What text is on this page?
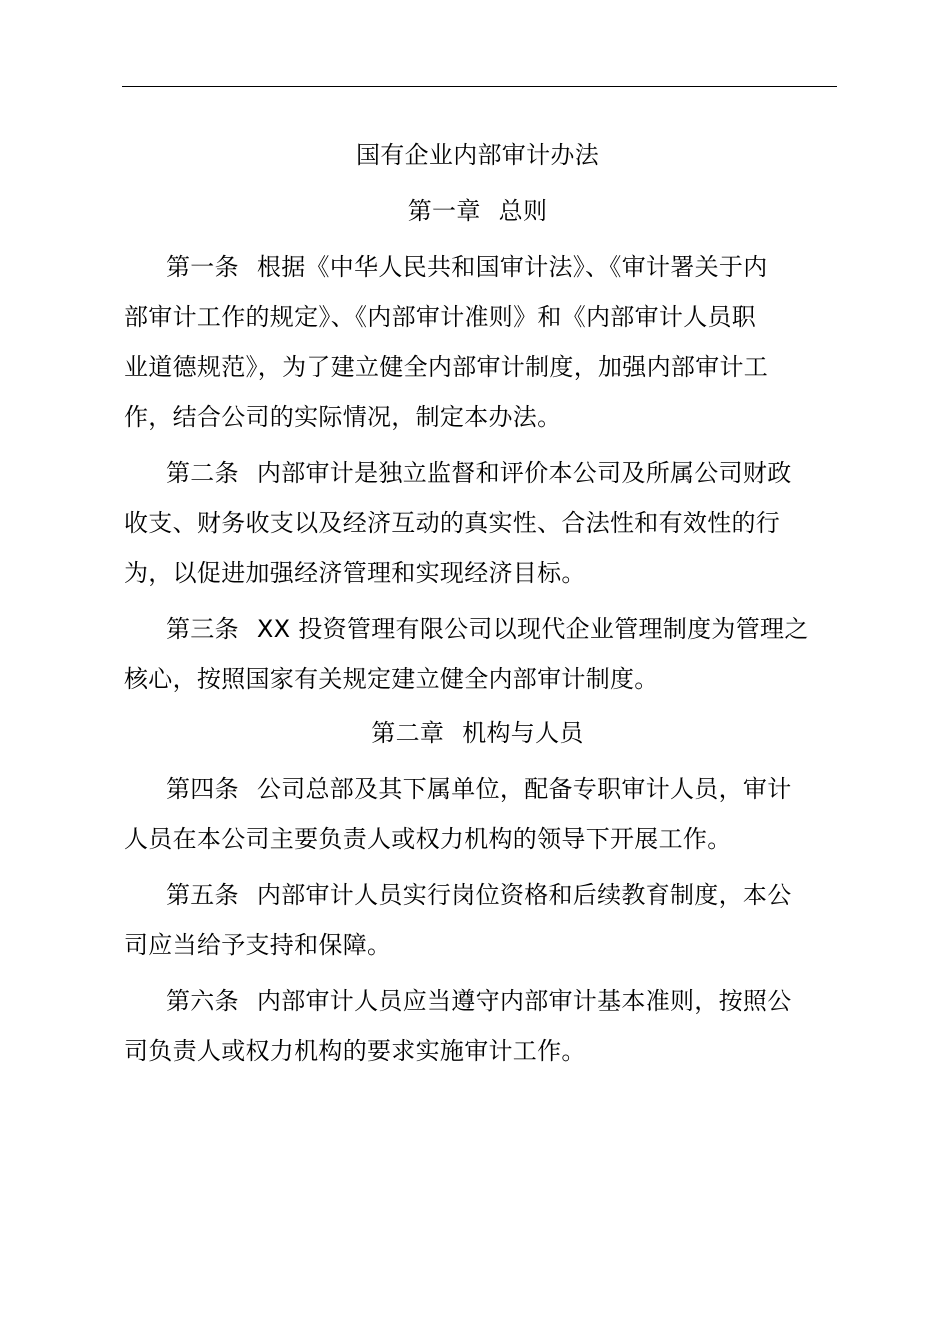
国有企业内部审计办法
第一章 总则
第一条 根据《中华人民共和国审计法》、《审计署关于内
部审计工作的规定》、《内部审计准则》和《内部审计人员职
业道德规范》，为了建立健全内部审计制度，加强内部审计工
作，结合公司的实际情况，制定本办法。
第二条 内部审计是独立监督和评价本公司及所属公司财政
收支、财务收支以及经济互动的真实性、合法性和有效性的行
为，以促进加强经济管理和实现经济目标。
第三条 XX 投资管理有限公司以现代企业管理制度为管理之
核心，按照国家有关规定建立健全内部审计制度。
第二章 机构与人员
第四条 公司总部及其下属单位，配备专职审计人员，审计
人员在本公司主要负责人或权力机构的领导下开展工作。
第五条 内部审计人员实行岗位资格和后续教育制度，本公
司应当给予支持和保障。
第六条 内部审计人员应当遵守内部审计基本准则，按照公
司负责人或权力机构的要求实施审计工作。
